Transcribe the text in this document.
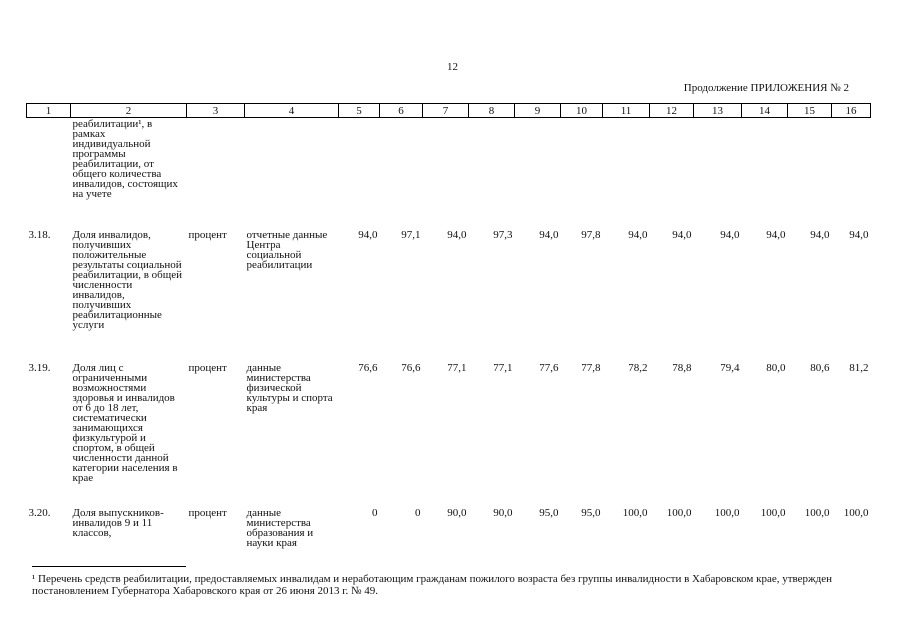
12
Продолжение ПРИЛОЖЕНИЯ № 2
1	2	3	4	5	6	7	8	9	10	11	12	13	14	15	16
	реабилитации¹, в рамках индивидуальной программы реабилитации, от общего количества инвалидов, состоящих на учете														
3.18.	Доля инвалидов, получивших положительные результаты социальной реабилитации, в общей численности инвалидов, получивших реабилитационные услуги	процент	отчетные данные Центра социальной реабилитации	94,0	97,1	94,0	97,3	94,0	97,8	94,0	94,0	94,0	94,0	94,0	94,0
3.19.	Доля лиц с ограниченными возможностями здоровья и инвалидов от 6 до 18 лет, систематически занимающихся физкультурой и спортом, в общей численности данной категории населения в крае	процент	данные министерства физической культуры и спорта края	76,6	76,6	77,1	77,1	77,6	77,8	78,2	78,8	79,4	80,0	80,6	81,2
3.20.	Доля выпускников-инвалидов 9 и 11 классов,	процент	данные министерства образования и науки края	0	0	90,0	90,0	95,0	95,0	100,0	100,0	100,0	100,0	100,0	100,0
¹ Перечень средств реабилитации, предоставляемых инвалидам и неработающим гражданам пожилого возраста без группы инвалидности в Хабаровском крае, утвержден постановлением Губернатора Хабаровского края от 26 июня 2013 г. № 49.
